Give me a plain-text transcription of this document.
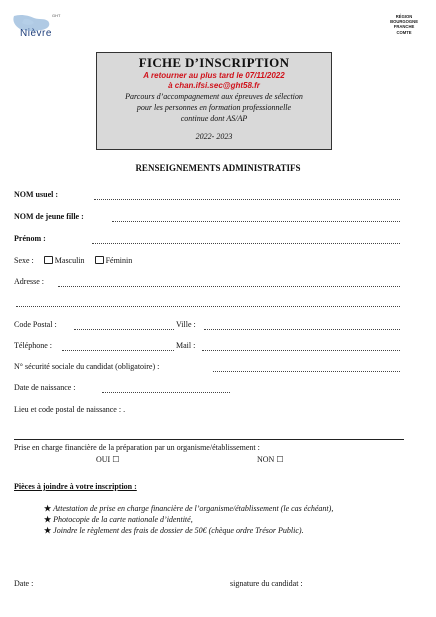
GHT
Nièvre
RÉGION
BOURGOGNE
FRANCHE
COMTE
FICHE D’INSCRIPTION
A retourner au plus tard le 07/11/2022
à chan.ifsi.sec@ght58.fr
Parcours d’accompagnement aux épreuves de sélection
pour les personnes en formation professionnelle
continue dont AS/AP
2022- 2023
RENSEIGNEMENTS ADMINISTRATIFS
NOM usuel :
NOM de jeune fille :
Prénom :
Sexe :	Masculin	Féminin
Adresse :
Code Postal :	Ville :
Téléphone :	Mail :
N° sécurité sociale du candidat (obligatoire) :
Date de naissance :
Lieu et code postal de naissance : .
Prise en charge financière de la préparation par un organisme/établissement :
OUI ☐	NON ☐
Pièces à joindre à votre inscription :
★ Attestation de prise en charge financière de l’organisme/établissement (le cas échéant),
★ Photocopie de la carte nationale d’identité,
★ Joindre le règlement des frais de dossier de 50€ (chèque ordre Trésor Public).
Date :	signature du candidat :
